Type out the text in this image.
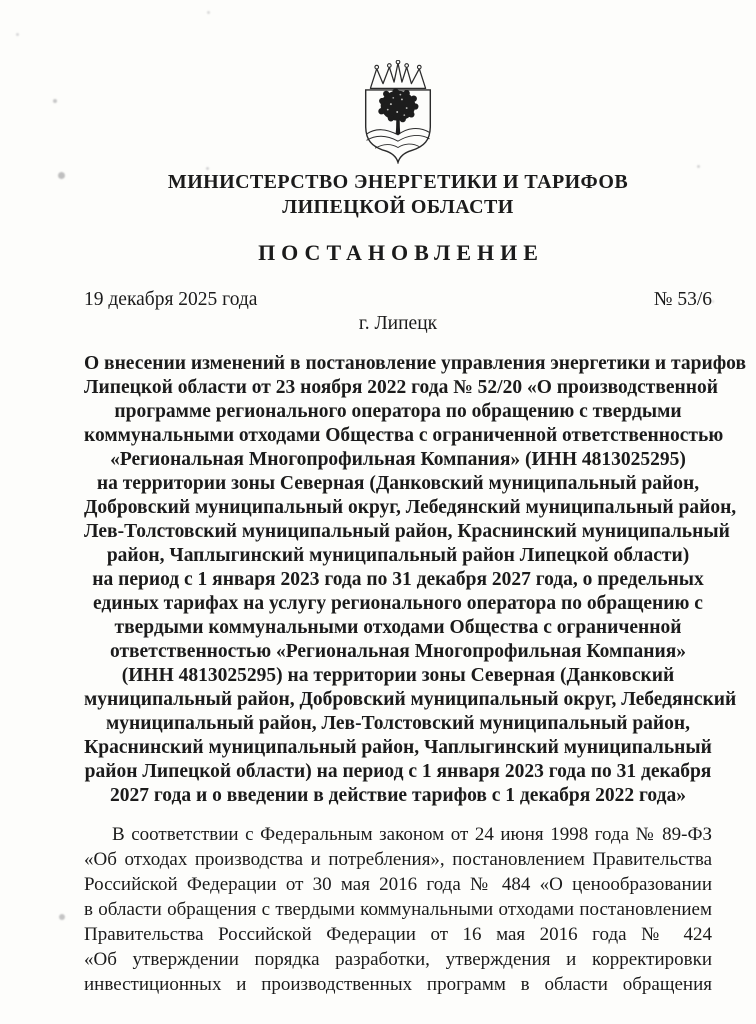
МИНИСТЕРСТВО ЭНЕРГЕТИКИ И ТАРИФОВ
ЛИПЕЦКОЙ ОБЛАСТИ
ПОСТАНОВЛЕНИЕ
19 декабря 2025 года	№ 53/6
г. Липецк
О внесении изменений в постановление управления энергетики и тарифов
Липецкой области от 23 ноября 2022 года № 52/20 «О производственной
программе регионального оператора по обращению с твердыми
коммунальными отходами Общества с ограниченной ответственностью
«Региональная Многопрофильная Компания» (ИНН 4813025295)
на территории зоны Северная (Данковский муниципальный район,
Добровский муниципальный округ, Лебедянский муниципальный район,
Лев-Толстовский муниципальный район, Краснинский муниципальный
район, Чаплыгинский муниципальный район Липецкой области)
на период с 1 января 2023 года по 31 декабря 2027 года, о предельных
единых тарифах на услугу регионального оператора по обращению с
твердыми коммунальными отходами Общества с ограниченной
ответственностью «Региональная Многопрофильная Компания»
(ИНН 4813025295) на территории зоны Северная (Данковский
муниципальный район, Добровский муниципальный округ, Лебедянский
муниципальный район, Лев-Толстовский муниципальный район,
Краснинский муниципальный район, Чаплыгинский муниципальный
район Липецкой области) на период с 1 января 2023 года по 31 декабря
2027 года и о введении в действие тарифов с 1 декабря 2022 года»
В соответствии с Федеральным законом от 24 июня 1998 года № 89-ФЗ
«Об отходах производства и потребления», постановлением Правительства
Российской Федерации от 30 мая 2016 года № 484 «О ценообразовании
в области обращения с твердыми коммунальными отходами постановлением
Правительства Российской Федерации от 16 мая 2016 года № 424
«Об утверждении порядка разработки, утверждения и корректировки
инвестиционных и производственных программ в области обращения
